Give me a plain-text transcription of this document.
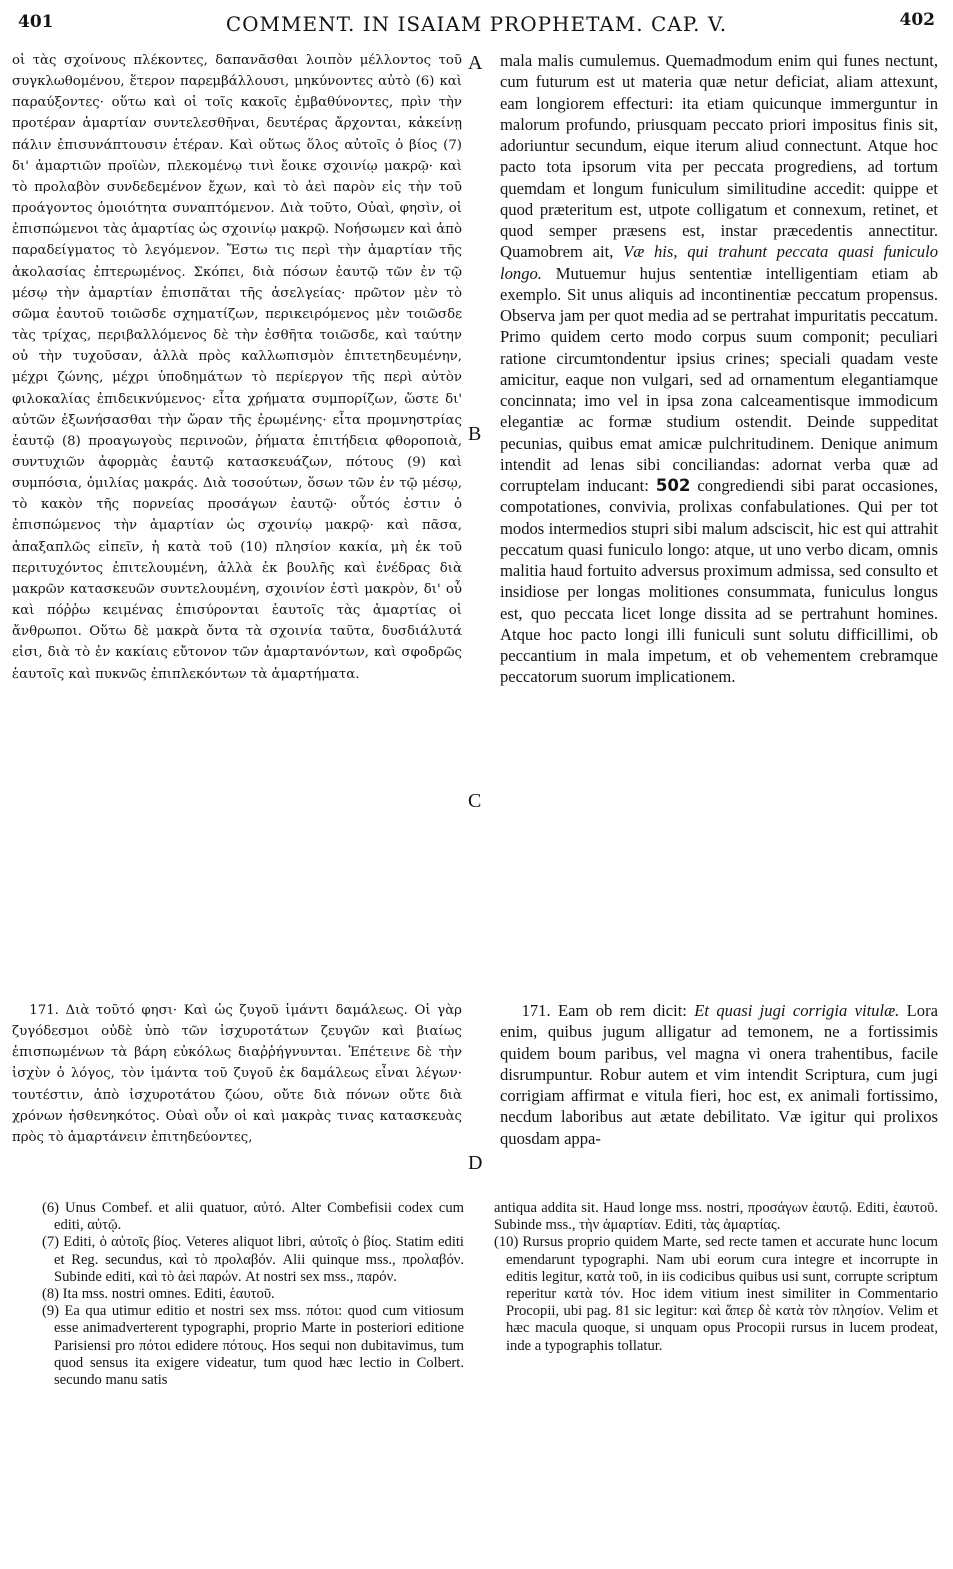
401	COMMENT. IN ISAIAM PROPHETAM. CAP. V.	402

οἱ τὰς σχοίνους πλέκοντες, δαπανᾶσθαι λοιπὸν μέλλοντος τοῦ συγκλωθομένου, ἕτερον παρεμβάλλουσι, μηκύνοντες αὐτὸ (6) καὶ παραύξοντες· οὕτω καὶ οἱ τοῖς κακοῖς ἐμβαθύνοντες, πρὶν τὴν προτέραν ἁμαρτίαν συντελεσθῆναι, δευτέρας ἄρχονται, κἀκείνῃ πάλιν ἐπισυνάπτουσιν ἑτέραν. Καὶ οὕτως ὅλος αὐτοῖς ὁ βίος (7) δι' ἁμαρτιῶν προϊὼν, πλεκομένῳ τινὶ ἔοικε σχοινίῳ μακρῷ· καὶ τὸ προλαβὸν συνδεδεμένον ἔχων, καὶ τὸ ἀεὶ παρὸν εἰς τὴν τοῦ προάγοντος ὁμοιότητα συναπτόμενον. Διὰ τοῦτο, Οὐαὶ, φησὶν, οἱ ἐπισπώμενοι τὰς ἁμαρτίας ὡς σχοινίῳ μακρῷ. Νοήσωμεν καὶ ἀπὸ παραδείγματος τὸ λεγόμενον. Ἔστω τις περὶ τὴν ἁμαρτίαν τῆς ἀκολασίας ἐπτερωμένος. Σκόπει, διὰ πόσων ἑαυτῷ τῶν ἐν τῷ μέσῳ τὴν ἁμαρτίαν ἐπισπᾶται τῆς ἀσελγείας· πρῶτον μὲν τὸ σῶμα ἑαυτοῦ τοιῶσδε σχηματίζων, περικειρόμενος μὲν τοιῶσδε τὰς τρίχας, περιβαλλόμενος δὲ τὴν ἐσθῆτα τοιῶσδε, καὶ ταύτην οὐ τὴν τυχοῦσαν, ἀλλὰ πρὸς καλλωπισμὸν ἐπιτετηδευμένην, μέχρι ζώνης, μέχρι ὑποδημάτων τὸ περίεργον τῆς περὶ αὐτὸν φιλοκαλίας ἐπιδεικνύμενος· εἶτα χρήματα συμπορίζων, ὥστε δι' αὐτῶν ἐξωνήσασθαι τὴν ὥραν τῆς ἐρωμένης· εἶτα προμνηστρίας ἑαυτῷ (8) προαγωγοὺς περινοῶν, ῥήματα ἐπιτήδεια φθοροποιὰ, συντυχιῶν ἀφορμὰς ἑαυτῷ κατασκευάζων, πότους (9) καὶ συμπόσια, ὁμιλίας μακράς. Διὰ τοσούτων, ὅσων τῶν ἐν τῷ μέσῳ, τὸ κακὸν τῆς πορνείας προσάγων ἑαυτῷ· οὗτός ἐστιν ὁ ἐπισπώμενος τὴν ἁμαρτίαν ὡς σχοινίῳ μακρῷ· καὶ πᾶσα, ἁπαξαπλῶς εἰπεῖν, ἡ κατὰ τοῦ (10) πλησίον κακία, μὴ ἐκ τοῦ περιτυχόντος ἐπιτελουμένη, ἀλλὰ ἐκ βουλῆς καὶ ἐνέδρας διὰ μακρῶν κατασκευῶν συντελουμένη, σχοινίον ἐστὶ μακρὸν, δι' οὗ καὶ πόῤῥω κειμένας ἐπισύρονται ἑαυτοῖς τὰς ἁμαρτίας οἱ ἄνθρωποι. Οὕτω δὲ μακρὰ ὄντα τὰ σχοινία ταῦτα, δυσδιάλυτά εἰσι, διὰ τὸ ἐν κακίαις εὔτονον τῶν ἁμαρτανόντων, καὶ σφοδρῶς ἑαυτοῖς καὶ πυκνῶς ἐπιπλεκόντων τὰ ἁμαρτήματα.

mala malis cumulemus. Quemadmodum enim qui funes nectunt, cum futurum est ut materia quæ netur deficiat, aliam attexunt, eam longiorem effecturi: ita etiam quicunque immerguntur in malorum profundo, priusquam peccato priori impositus finis sit, adoriuntur secundum, eique iterum aliud connectunt. Atque hoc pacto tota ipsorum vita per peccata progrediens, ad tortum quemdam et longum funiculum similitudine accedit: quippe et quod præteritum est, utpote colligatum et connexum, retinet, et quod semper præsens est, instar præcedentis annectitur. Quamobrem ait, Væ his, qui trahunt peccata quasi funiculo longo. Mutuemur hujus sententiæ intelligentiam etiam ab exemplo. Sit unus aliquis ad incontinentiæ peccatum propensus. Observa jam per quot media ad se pertrahat impuritatis peccatum. Primo quidem certo modo corpus suum componit; peculiari ratione circumtondentur ipsius crines; speciali quadam veste amicitur, eaque non vulgari, sed ad ornamentum elegantiamque concinnata; imo vel in ipsa zona calceamentisque immodicum elegantiæ ac formæ studium ostendit. Deinde suppeditat pecunias, quibus emat amicæ pulchritudinem. Denique animum intendit ad lenas sibi conciliandas: adornat verba quæ ad corruptelam inducant: 502 congrediendi sibi parat occasiones, compotationes, convivia, prolixas confabulationes. Qui per tot modos intermedios stupri sibi malum adsciscit, hic est qui attrahit peccatum quasi funiculo longo: atque, ut uno verbo dicam, omnis malitia haud fortuito adversus proximum admissa, sed consulto et insidiose per longas molitiones consummata, funiculus longus est, quo peccata licet longe dissita ad se pertrahunt homines. Atque hoc pacto longi illi funiculi sunt solutu difficillimi, ob peccantium in mala impetum, et ob vehementem crebramque peccatorum suorum implicationem.

171. Διὰ τοῦτό φησι· Καὶ ὡς ζυγοῦ ἱμάντι δαμάλεως. Οἱ γὰρ ζυγόδεσμοι οὐδὲ ὑπὸ τῶν ἰσχυροτάτων ζευγῶν καὶ βιαίως ἐπισπωμένων τὰ βάρη εὐκόλως διαῤῥήγνυνται. Ἐπέτεινε δὲ τὴν ἰσχὺν ὁ λόγος, τὸν ἱμάντα τοῦ ζυγοῦ ἐκ δαμάλεως εἶναι λέγων· τουτέστιν, ἀπὸ ἰσχυροτάτου ζώου, οὔτε διὰ πόνων οὔτε διὰ χρόνων ἠσθενηκότος. Οὐαὶ οὖν οἱ καὶ μακρὰς τινας κατασκευὰς πρὸς τὸ ἁμαρτάνειν ἐπιτηδεύοντες,

171. Eam ob rem dicit: Et quasi jugi corrigia vitulæ. Lora enim, quibus jugum alligatur ad temonem, ne a fortissimis quidem boum paribus, vel magna vi onera trahentibus, facile disrumpuntur. Robur autem et vim intendit Scriptura, cum jugi corrigiam affirmat e vitula fieri, hoc est, ex animali fortissimo, necdum laboribus aut ætate debilitato. Væ igitur qui prolixos quosdam appa-

A
B
C
D

(6) Unus Combef. et alii quatuor, αὐτό. Alter Combefisii codex cum editi, αὐτῷ.

(7) Editi, ὁ αὐτοῖς βίος. Veteres aliquot libri, αὐτοῖς ὁ βίος. Statim editi et Reg. secundus, καὶ τὸ προλαβόν. Alii quinque mss., προλαβόν. Subinde editi, καὶ τὸ ἀεὶ παρών. At nostri sex mss., παρόν.

(8) Ita mss. nostri omnes. Editi, ἑαυτοῦ.

(9) Ea qua utimur editio et nostri sex mss. πότοι: quod cum vitiosum esse animadverterent typographi, proprio Marte in posteriori editione Parisiensi pro πότοι edidere πότους. Hos sequi non dubitavimus, tum quod sensus ita exigere videatur, tum quod hæc lectio in Colbert. secundo manu satis

antiqua addita sit. Haud longe mss. nostri, προσάγων ἑαυτῷ. Editi, ἑαυτοῦ. Subinde mss., τὴν ἁμαρτίαν. Editi, τὰς ἁμαρτίας.

(10) Rursus proprio quidem Marte, sed recte tamen et accurate hunc locum emendarunt typographi. Nam ubi eorum cura integre et incorrupte in editis legitur, κατὰ τοῦ, in iis codicibus quibus usi sunt, corrupte scriptum reperitur κατὰ τόν. Hoc idem vitium inest similiter in Commentario Procopii, ubi pag. 81 sic legitur: καὶ ἅπερ δὲ κατὰ τὸν πλησίον. Velim et hæc macula quoque, si unquam opus Procopii rursus in lucem prodeat, inde a typographis tollatur.
